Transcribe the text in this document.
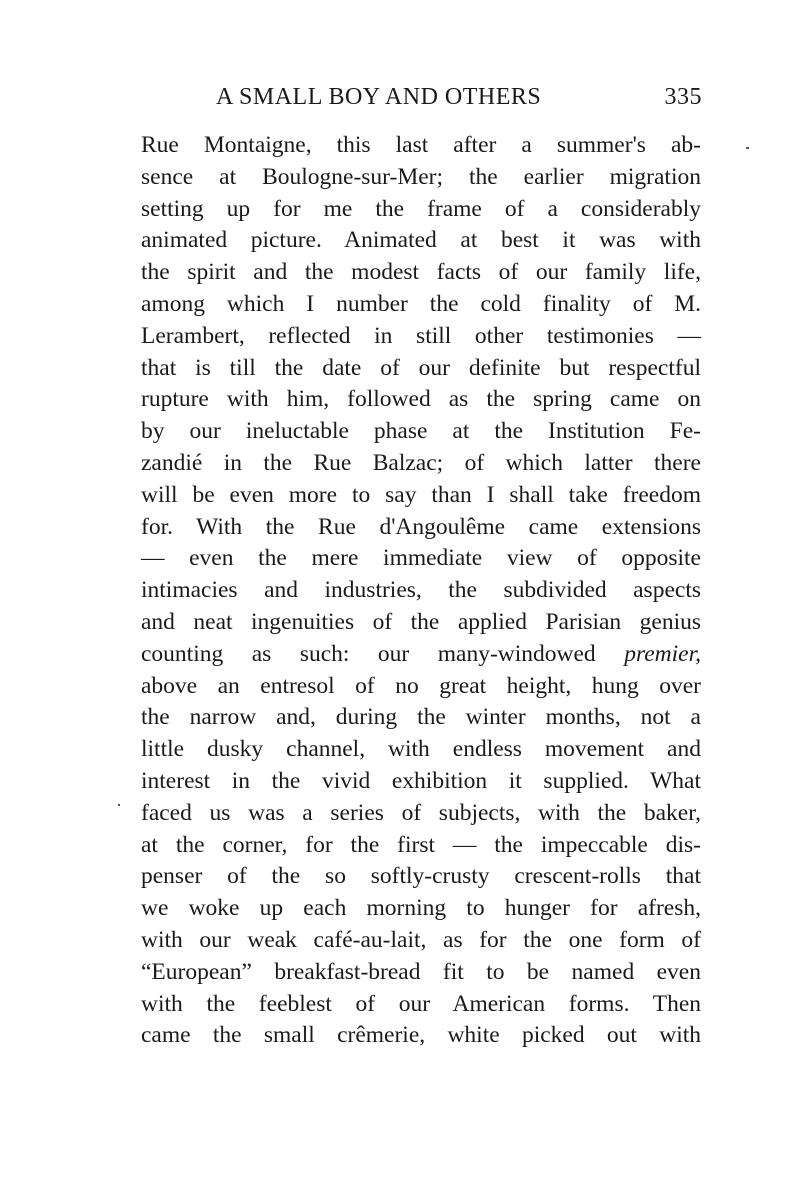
A SMALL BOY AND OTHERS	335
Rue Montaigne, this last after a summer's ab-
sence at Boulogne-sur-Mer; the earlier migration
setting up for me the frame of a considerably
animated picture. Animated at best it was with
the spirit and the modest facts of our family life,
among which I number the cold finality of M.
Lerambert, reflected in still other testimonies —
that is till the date of our definite but respectful
rupture with him, followed as the spring came on
by our ineluctable phase at the Institution Fe-
zandié in the Rue Balzac; of which latter there
will be even more to say than I shall take freedom
for. With the Rue d'Angoulême came extensions
— even the mere immediate view of opposite
intimacies and industries, the subdivided aspects
and neat ingenuities of the applied Parisian genius
counting as such: our many-windowed premier,
above an entresol of no great height, hung over
the narrow and, during the winter months, not a
little dusky channel, with endless movement and
interest in the vivid exhibition it supplied. What
faced us was a series of subjects, with the baker,
at the corner, for the first — the impeccable dis-
penser of the so softly-crusty crescent-rolls that
we woke up each morning to hunger for afresh,
with our weak café-au-lait, as for the one form of
“European” breakfast-bread fit to be named even
with the feeblest of our American forms. Then
came the small crêmerie, white picked out with
